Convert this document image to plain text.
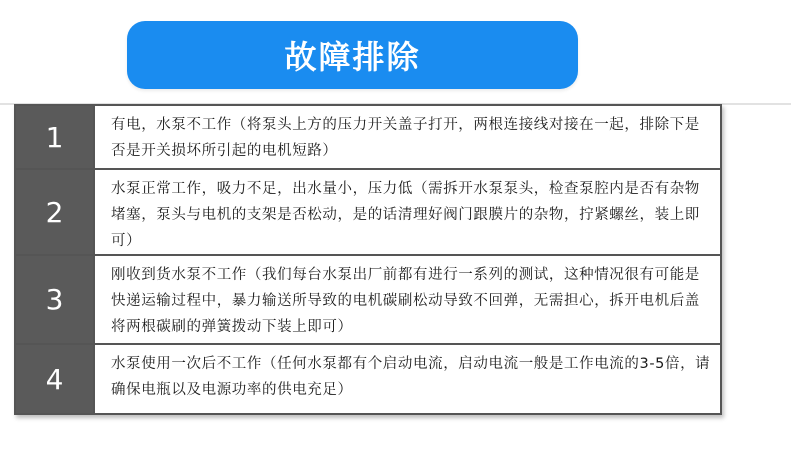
故障排除
1	有电，水泵不工作（将泵头上方的压力开关盖子打开，两根连接线对接在一起，排除下是否是开关损坏所引起的电机短路）
2
水泵正常工作，吸力不足，出水量小，压力低（需拆开水泵泵头，检查泵腔内是否有杂物堵塞，泵头与电机的支架是否松动，是的话清理好阀门跟膜片的杂物，拧紧螺丝，装上即可）
3
刚收到货水泵不工作（我们每台水泵出厂前都有进行一系列的测试，这种情况很有可能是快递运输过程中，暴力输送所导致的电机碳刷松动导致不回弹，无需担心，拆开电机后盖将两根碳刷的弹簧拨动下装上即可）
4	水泵使用一次后不工作（任何水泵都有个启动电流，启动电流一般是工作电流的3-5倍，请确保电瓶以及电源功率的供电充足）
